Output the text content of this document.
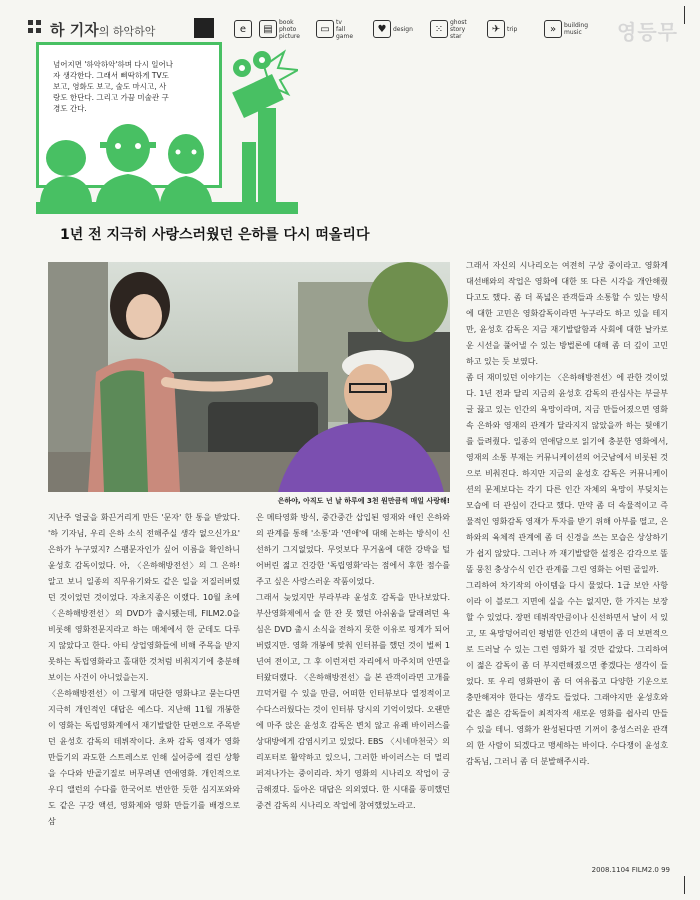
하 기자의 하악하악	e	▤
book
photo
picture
▭
tv
fall
game
♥	design	⁙
ghost
story
star
✈	trip	»	building
music	영등무
넘어지면 '하악하악'하며 다시 일어나자 생각한다. 그래서 삐딱하게 TV도 보고, 영화도 보고, 술도 마시고, 사랑도 한단다. 그리고 가끔 미술관 구경도 간다.
1년 전 지극히 사랑스러웠던 은하를 다시 떠올리다
은하야, 아직도 넌 날 하루에 3천 원만큼씩 매일 사랑해!

지난주 얼굴을 화끈거리게 만든 '문자' 한 통을 받았다. '하 기자님, 우리 은하 소식 전해주실 생각 없으신가요' 은하가 누구였지? 스팸문자인가 싶어 이름을 확인하니 윤성호 감독이었다. 아, 〈은하해방전선〉의 그 은하! 알고 보니 일종의 직무유기와도 같은 일을 저질러버렸던 것이었던 것이었다. 자초지종은 이랬다. 10월 초에 〈은하해방전선〉의 DVD가 출시됐는데, FILM2.0을 비롯해 영화전문지라고 하는 매체에서 한 군데도 다루지 않았다고 한다. 아티 상업영화들에 비해 주목을 받지 못하는 독립영화라고 홀대한 것처럼 비춰지기에 충분해 보이는 사건이 아니었을는지.

〈은하해방전선〉이 그렇게 대단한 영화냐고 묻는다면 지극히 개인적인 대답은 예스다. 지난해 11월 개봉한 이 영화는 독립영화계에서 재기발랄한 단편으로 주목받던 윤성호 감독의 데뷔작이다. 초짜 감독 영재가 영화 만들기의 과도한 스트레스로 인해 실어증에 걸린 상황을 수다와 반골기질로 버무려낸 연애영화. 개인적으로 우디 앨런의 수다를 한국어로 번안한 듯한 심지포와와도 같은 구강 액션, 영화제와 영화 만들기를 배경으로 삼

은 메타영화 방식, 중간중간 삽입된 영재와 애인 은하와의 관계를 통해 '소통'과 '연애'에 대해 논하는 방식이 신선하기 그지없었다. 무엇보다 무거움에 대한 강박을 털어버린 젊고 건강한 '독립영화'라는 점에서 후한 점수를 주고 싶은 사랑스러운 작품이었다.

그래서 늦었지만 부라부랴 윤성호 감독을 만나보았다. 부산영화제에서 술 한 잔 못 했던 아쉬움을 달래려던 욕심은 DVD 출시 소식을 전하지 못한 이유로 핑계가 되어버렸지만. 영화 개봉에 맞춰 인터뷰를 했던 것이 벌써 1년여 전이고, 그 후 이런저런 자리에서 마주치며 안면을 터왔더랬다. 〈은하해방전선〉을 본 관객이라면 고개를 끄덕거릴 수 있을 만큼, 어떠한 인터뷰보다 열정적이고 수다스러웠다는 것이 인터뷰 당시의 기억이었다. 오랜만에 마주 앉은 윤성호 감독은 변치 않고 유쾌 바이러스를 상대방에게 감염시키고 있었다. EBS 〈시네마천국〉의 리포터로 활약하고 있으니, 그러한 바이러스는 더 멀리 퍼져나가는 중이리라. 차기 영화의 시나리오 작업이 궁금해졌다. 돌아온 대답은 의외였다. 한 시대를 풍미했던 중견 감독의 시나리오 작업에 참여했었노라고.

그래서 자신의 시나리오는 여전히 구상 중이라고. 영화계 대선배와의 작업은 영화에 대한 또 다른 시각을 개안해줬다고도 했다. 좀 더 폭넓은 관객들과 소통할 수 있는 방식에 대한 고민은 영화감독이라면 누구라도 하고 있을 테지만, 윤성호 감독은 지금 재기발랄함과 사회에 대한 날카로운 시선을 풀어낼 수 있는 방법론에 대해 좀 더 깊이 고민하고 있는 듯 보였다.

좀 더 재미있던 이야기는 〈은하해방전선〉에 관한 것이었다. 1년 전과 달리 지금의 윤성호 감독의 관심사는 부글부글 끓고 있는 인간의 욕망이라며, 지금 만들어졌으면 영화 속 은하와 영재의 관계가 달라지지 않았을까 하는 뒷얘기를 들려줬다. 일종의 연애담으로 읽기에 충분한 영화에서, 영재의 소통 부재는 커뮤니케이션의 어긋남에서 비롯된 것으로 비춰진다. 하지만 지금의 윤성호 감독은 커뮤니케이션의 문제보다는 각기 다른 인간 자체의 욕망이 부딪치는 모습에 더 관심이 간다고 했다. 만약 좀 더 속물적이고 즉물적인 영화감독 영재가 투자를 받기 위해 아부를 떨고, 은하와의 육체적 관계에 좀 더 신경을 쓰는 모습은 상상하기가 쉽지 않았다. 그러나 까 재기발랄한 설정은 감각으로 똘똘 뭉친 충상수식 인간 관계를 그린 영화는 어떤 골일까.

그리하여 차기작의 아이템을 다시 물었다. 1급 보안 사항이라 이 블로그 지면에 실을 수는 없지만, 한 가지는 보장할 수 있었다. 장편 데뷔작만큼이나 신선하면서 날이 서 있고, 또 욕망덩어리인 평범한 인간의 내면이 좀 더 보편적으로 드러날 수 있는 그런 영화가 될 것만 같았다. 그리하여 이 젊은 감독이 좀 더 부지런해졌으면 좋겠다는 생각이 들었다. 또 우리 영화판이 좀 더 여유롭고 다양한 기운으로 충만해져야 한다는 생각도 들었다. 그래야지만 윤성호와 같은 젊은 감독들이 최적자적 새로운 영화를 쉽사리 만들 수 있을 테니. 영화가 완성된다면 기꺼이 충성스러운 관객의 한 사람이 되겠다고 맹세하는 바이다. 수다쟁이 윤성호 감독님, 그러니 좀 더 분발해주시라.

2008.1104 FILM2.0 99
